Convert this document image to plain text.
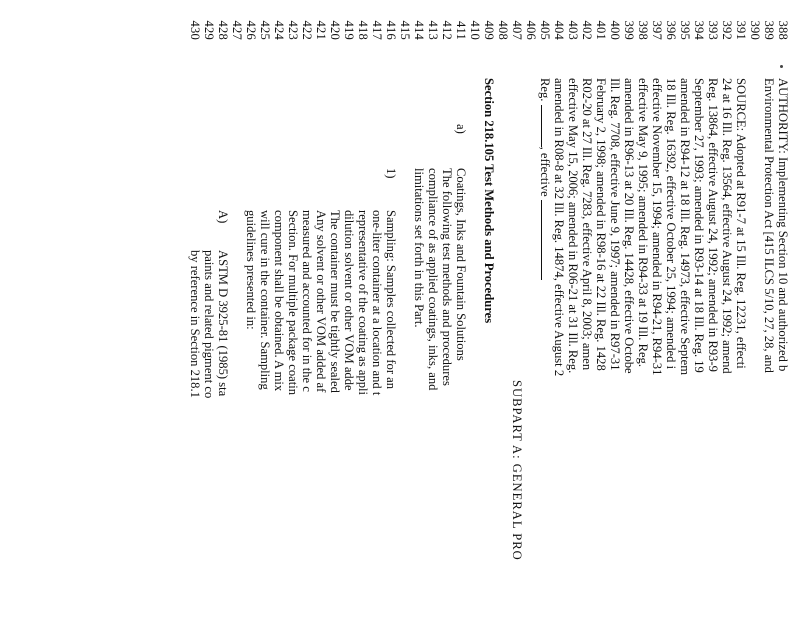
388
AUTHORITY: Implementing Section 10 and authorized b
389
Environmental Protection Act [415 ILCS 5/10, 27, 28, and
390
391
SOURCE: Adopted at R91-7 at 15 Ill. Reg. 12231, effecti
392
24 at 16 Ill. Reg. 13564, effective August 24, 1992; amend
393
Reg. 13864, effective August 24, 1992; amended in R93-9
394
September 27, 1993; amended in R93-14 at 18 Ill. Reg. 19
395
amended in R94-12 at 18 Ill. Reg. 14973, effective Septem
396
18 Ill. Reg. 16392, effective October 25, 1994; amended i
397
effective November 15, 1994; amended in R94-21, R94-31
398
effective May 9, 1995; amended in R94-33 at 19 Ill. Reg.
399
amended in R96-13 at 20 Ill. Reg. 14428, effective Octobe
400
Ill. Reg. 7708, effective June 9, 1997; amended in R97-31
401
February 2, 1998; amended in R98-16 at 22 Ill. Reg. 1428
402
R02-20 at 27 Ill. Reg. 7283, effective April 8, 2003; amen
403
effective May 15, 2006; amended in R06-21 at 31 Ill. Reg.
404
amended in R08-8 at 32 Ill. Reg. 14874, effective August 2
405
Reg. , effective
406
407
SUBPART A: GENERAL PRO
408
409
Section 218.105 Test Methods and Procedures
410
411
a)
Coatings, Inks and Fountain Solutions
412
The following test methods and procedures
413
compliance of as applied coatings, inks, and
414
limitations set forth in this Part.
415
416
1)
Sampling: Samples collected for an
417
one-liter container at a location and t
418
representative of the coating as appli
419
dilution solvent or other VOM adde
420
The container must be tightly sealed
421
Any solvent or other VOM added af
422
measured and accounted for in the c
423
Section. For multiple package coatin
424
component shall be obtained. A mix
425
will cure in the container. Sampling
426
guidelines presented in:
427
428
A)
ASTM D 3925-81 (1985) sta
429
paints and related pigment co
430
by reference in Section 218.1
